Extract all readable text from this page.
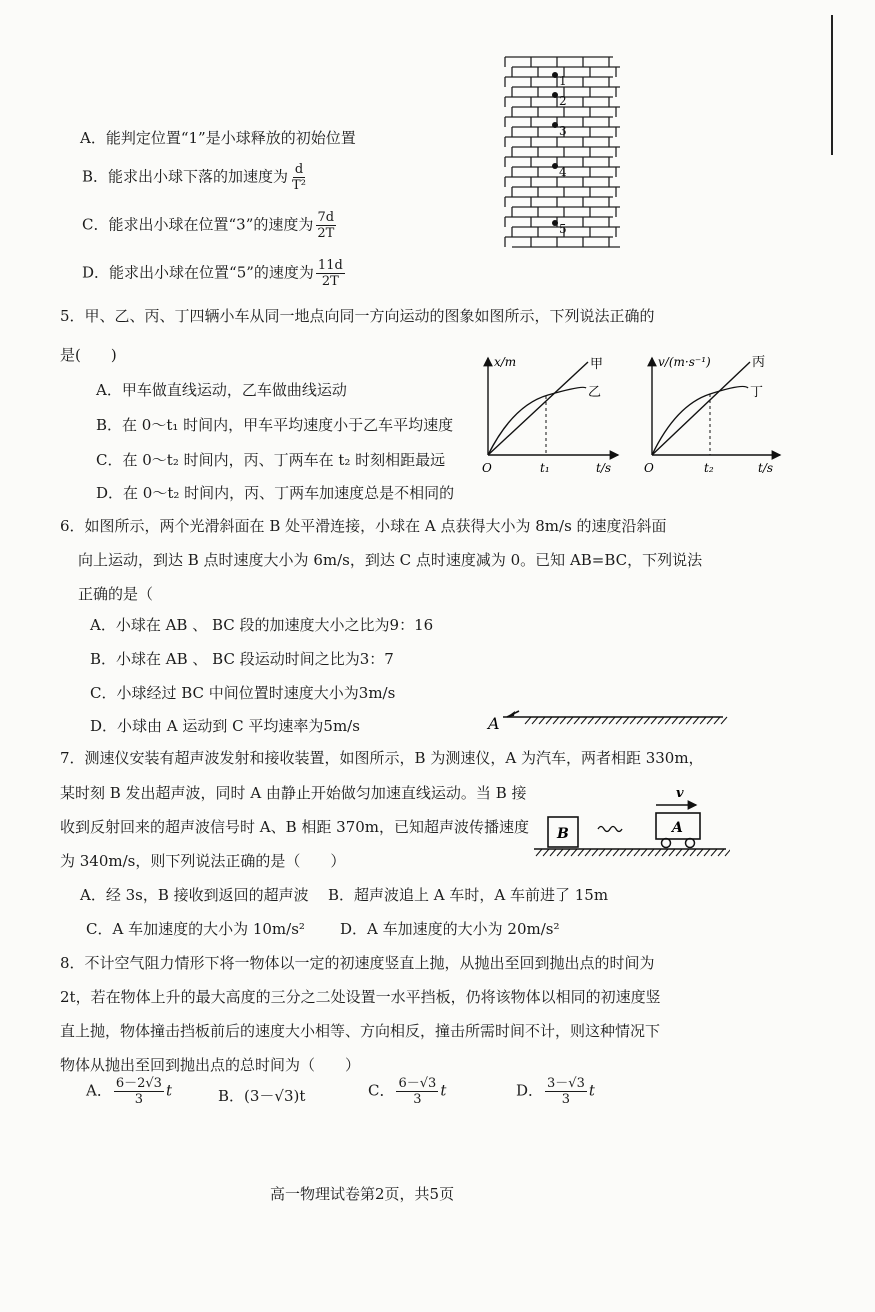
A．能判定位置“1”是小球释放的初始位置
B．能求出小球下落的加速度为 $\frac{d}{\text{T²}}$
C．能求出小球在位置“3”的速度为 $\frac{7d}{2T}$
D．能求出小球在位置“5”的速度为 $\frac{11d}{2T}$
1
2
3
4
5
5．甲、乙、丙、丁四辆小车从同一地点向同一方向运动的图象如图所示，下列说法正确的
是(　　)
A．甲车做直线运动，乙车做曲线运动
B．在 0～t₁ 时间内，甲车平均速度小于乙车平均速度
C．在 0～t₂ 时间内，丙、丁两车在 t₂ 时刻相距最远
D．在 0～t₂ 时间内，丙、丁两车加速度总是不相同的
x/m	甲
乙
O	t₁	t/s
v/(m·s⁻¹)	丙
丁
O	t₂	t/s
6．如图所示，两个光滑斜面在 B 处平滑连接，小球在 A 点获得大小为 8m/s 的速度沿斜面
向上运动，到达 B 点时速度大小为 6m/s，到达 C 点时速度减为 0。已知 AB=BC，下列说法
正确的是（
A．小球在 AB 、 BC 段的加速度大小之比为9：16
B．小球在 AB 、 BC 段运动时间之比为3：7
C．小球经过 BC 中间位置时速度大小为3m/s
D．小球由 A 运动到 C 平均速率为5m/s	A
7．测速仪安装有超声波发射和接收装置，如图所示，B 为测速仪，A 为汽车，两者相距 330m，
某时刻 B 发出超声波，同时 A 由静止开始做匀加速直线运动。当 B 接
收到反射回来的超声波信号时 A、B 相距 370m，已知超声波传播速度
为 340m/s，则下列说法正确的是（　　）
A．经 3s，B 接收到返回的超声波 B．超声波追上 A 车时，A 车前进了 15m
C．A 车加速度的大小为 10m/s² D．A 车加速度的大小为 20m/s²
B	A
v
8．不计空气阻力情形下将一物体以一定的初速度竖直上抛，从抛出至回到抛出点的时间为
2t，若在物体上升的最大高度的三分之二处设置一水平挡板，仍将该物体以相同的初速度竖
直上抛，物体撞击挡板前后的速度大小相等、方向相反，撞击所需时间不计，则这种情况下
物体从抛出至回到抛出点的总时间为（　　）
A． $\frac{6-2√3}{3}$ t	B．(3－√3)t	C． $\frac{6-√3}{3}$ t	D． $\frac{3-√3}{3}$ t
高一物理试卷第2页，共5页
